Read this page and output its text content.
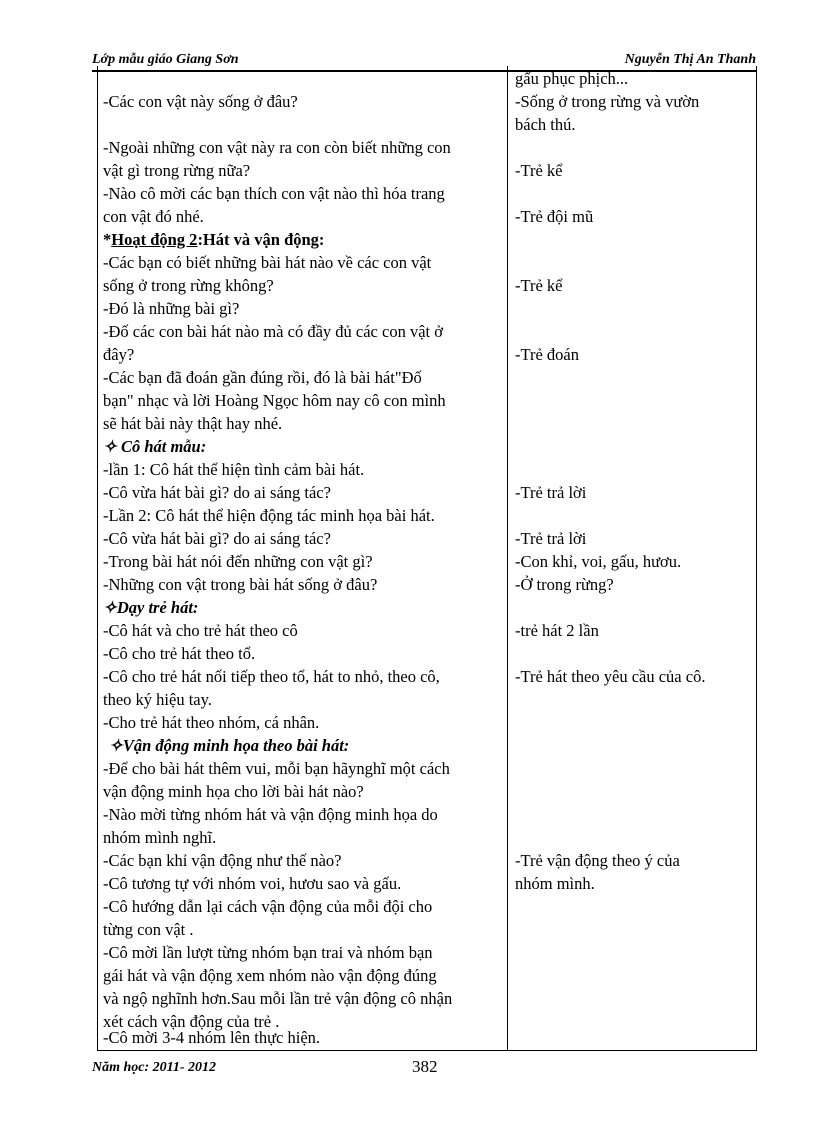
Lớp mẫu giáo Giang Sơn	Nguyễn Thị An Thanh
-Các con vật này sống ở đâu?
-Ngoài những con vật này ra con còn biết những con
vật gì trong rừng nữa?
-Nào cô mời các bạn thích con vật nào thì hóa trang
con vật đó nhé.
*Hoạt động 2:Hát và vận động:
-Các bạn có biết những bài hát nào về các con vật
sống ở trong rừng không?
-Đó là những bài gì?
-Đố các con bài hát nào mà có đầy đủ các con vật ở
đây?
-Các bạn đã đoán gần đúng rồi, đó là bài hát"Đố
bạn" nhạc và lời Hoàng Ngọc hôm nay cô con mình
sẽ hát bài này thật hay nhé.
✧ Cô hát mẫu:
-lần 1: Cô hát thể hiện tình cảm bài hát.
-Cô vừa hát bài gì? do ai sáng tác?
-Lần 2: Cô hát thể hiện động tác minh họa bài hát.
-Cô vừa hát bài gì? do ai sáng tác?
-Trong bài hát nói đến những con vật gì?
-Những con vật trong bài hát sống ở đâu?
✧Dạy trẻ hát:
-Cô hát và cho trẻ hát theo cô
-Cô cho trẻ hát theo tổ.
-Cô cho trẻ hát nối tiếp theo tổ, hát to nhỏ, theo cô,
theo ký hiệu tay.
-Cho trẻ hát theo nhóm, cá nhân.
✧Vận động minh họa theo bài hát:
-Để cho bài hát thêm vui, mỗi bạn hãynghĩ một cách
vận động minh họa cho lời bài hát nào?
-Nào mời từng nhóm hát và vận động minh họa do
nhóm mình nghĩ.
-Các bạn khỉ vận động như thế nào?
-Cô tương tự với nhóm voi, hươu sao và gấu.
-Cô hướng dẫn lại cách vận động của mỗi đội cho
từng con vật .
-Cô mời lần lượt từng nhóm bạn trai và nhóm bạn
gái hát và vận động xem nhóm nào vận động đúng
và ngộ nghĩnh hơn.Sau mỗi lần trẻ vận động cô nhận
xét cách vận động của trẻ .
-Cô mời 3-4 nhóm lên thực hiện.
gấu phục phịch...
-Sống ở trong rừng và vườn
bách thú.
-Trẻ kể
-Trẻ đội mũ
-Trẻ kể
-Trẻ đoán
-Trẻ trả lời
-Trẻ trả lời
-Con khỉ, voi, gấu, hươu.
-Ở trong rừng?
-trẻ hát 2 lần
-Trẻ hát theo yêu cầu của cô.
-Trẻ vận động theo ý của
nhóm mình.
Năm học: 2011- 2012	382
